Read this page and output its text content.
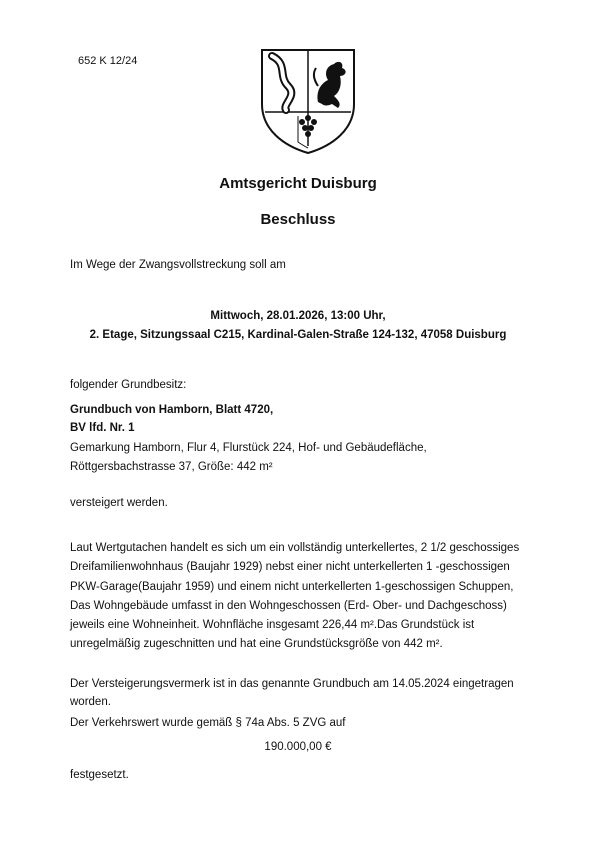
652 K 12/24
Amtsgericht Duisburg
Beschluss
Im Wege der Zwangsvollstreckung soll am
Mittwoch, 28.01.2026, 13:00 Uhr,
2. Etage, Sitzungssaal C215, Kardinal-Galen-Straße 124-132, 47058 Duisburg
folgender Grundbesitz:
Grundbuch von Hamborn, Blatt 4720,
BV lfd. Nr. 1

Gemarkung Hamborn, Flur 4, Flurstück 224, Hof- und Gebäudefläche,

Röttgersbachstrasse 37, Größe: 442 m²

versteigert werden.
Laut Wertgutachen handelt es sich um ein vollständig unterkellertes, 2 1/2 geschossiges Dreifamilienwohnhaus (Baujahr 1929) nebst einer nicht unterkellerten 1 -geschossigen PKW-Garage(Baujahr 1959) und einem nicht unterkellerten 1-geschossigen Schuppen, Das Wohngebäude umfasst in den Wohngeschossen (Erd- Ober- und Dachgeschoss) jeweils eine Wohneinheit. Wohnfläche insgesamt 226,44 m².Das Grundstück ist unregelmäßig zugeschnitten und hat eine Grundstücksgröße von 442 m².
Der Versteigerungsvermerk ist in das genannte Grundbuch am 14.05.2024 eingetragen worden.
Der Verkehrswert wurde gemäß § 74a Abs. 5 ZVG auf
190.000,00 €
festgesetzt.
